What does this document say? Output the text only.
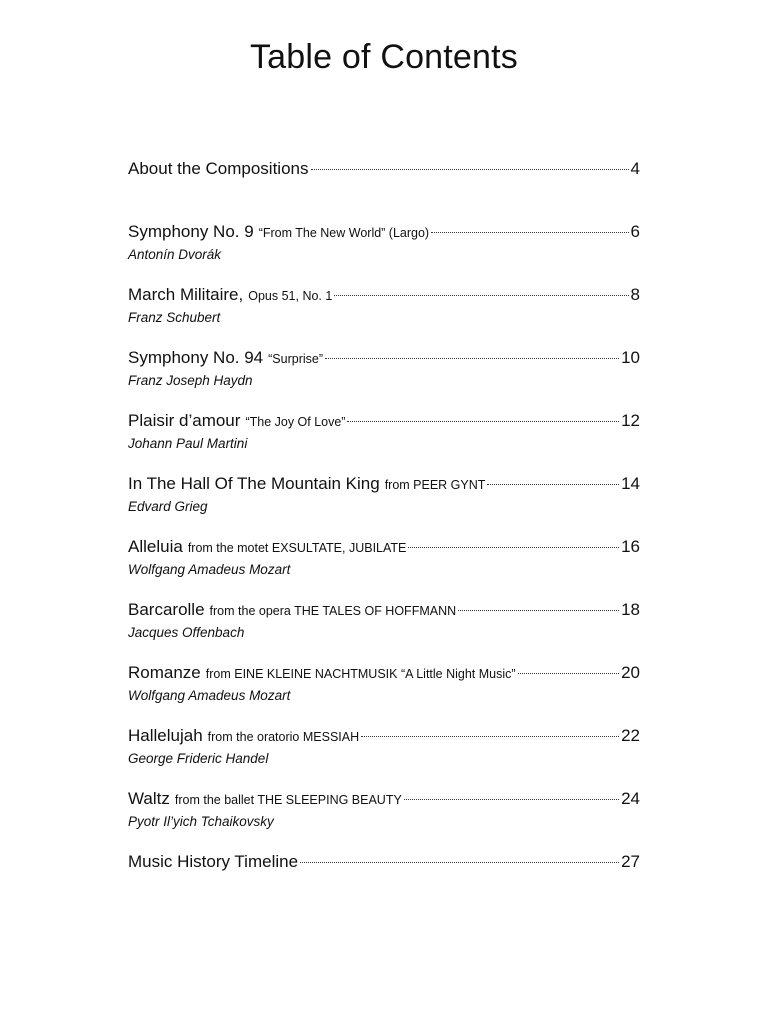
Table of Contents
About the Compositions	4
Symphony No. 9 “From The New World” (Largo)	6
Antonín Dvorák
March Militaire, Opus 51, No. 1	8
Franz Schubert
Symphony No. 94 “Surprise”	10
Franz Joseph Haydn
Plaisir d’amour “The Joy Of Love”	12
Johann Paul Martini
In The Hall Of The Mountain King from PEER GYNT	14
Edvard Grieg
Alleluia from the motet EXSULTATE, JUBILATE	16
Wolfgang Amadeus Mozart
Barcarolle from the opera THE TALES OF HOFFMANN	18
Jacques Offenbach
Romanze from EINE KLEINE NACHTMUSIK “A Little Night Music”	20
Wolfgang Amadeus Mozart
Hallelujah from the oratorio MESSIAH	22
George Frideric Handel
Waltz from the ballet THE SLEEPING BEAUTY	24
Pyotr Il’yich Tchaikovsky
Music History Timeline	27
